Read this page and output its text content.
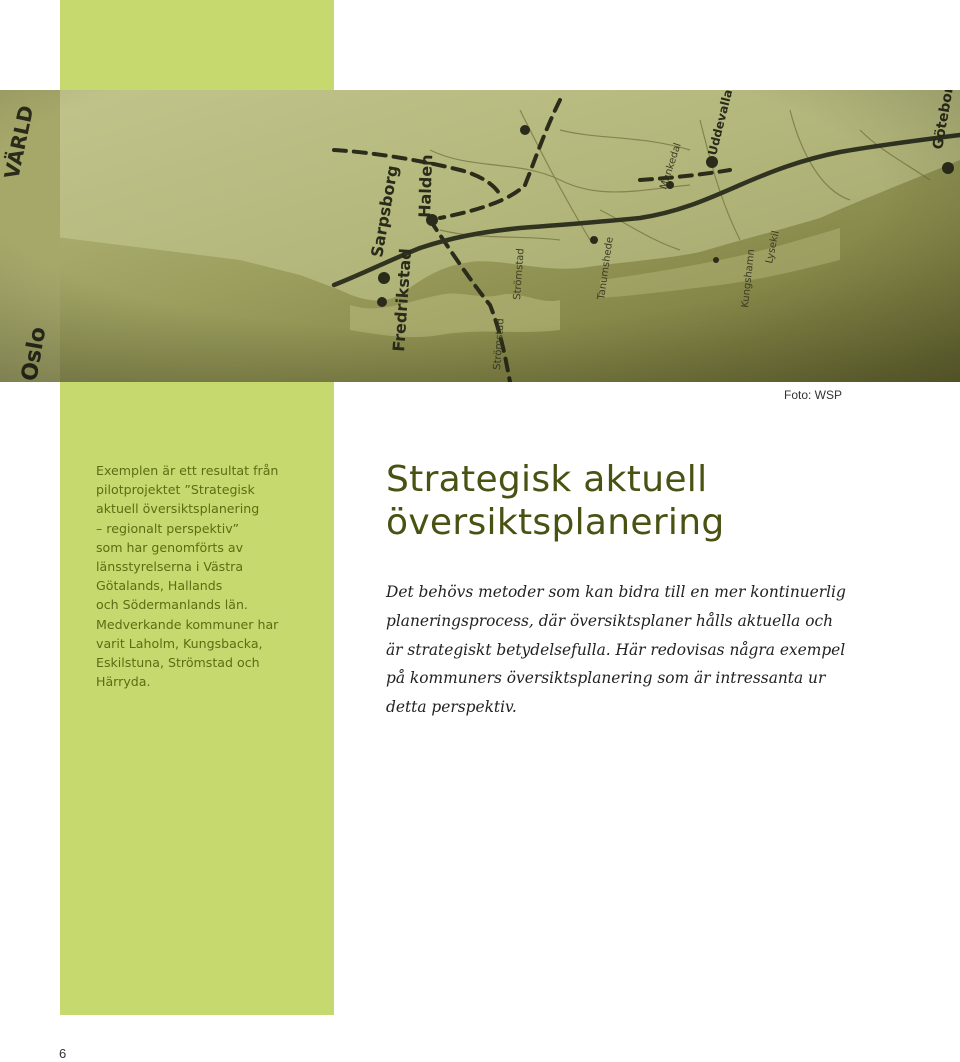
Foto: WSP

Exemplen är ett resultat från
pilotprojektet ”Strategisk
aktuell översiktsplanering
– regionalt perspektiv”
som har genomförts av
länsstyrelserna i Västra
Götalands, Hallands
och Södermanlands län.
Medverkande kommuner har
varit Laholm, Kungsbacka,
Eskilstuna, Strömstad och
Härryda.

Strategisk aktuell
översiktsplanering

Det behövs metoder som kan bidra till en mer kontinuerlig
planeringsprocess, där översiktsplaner hålls aktuella och
är strategiskt betydelsefulla. Här redovisas några exempel
på kommuners översiktsplanering som är intressanta ur
detta perspektiv.

6
